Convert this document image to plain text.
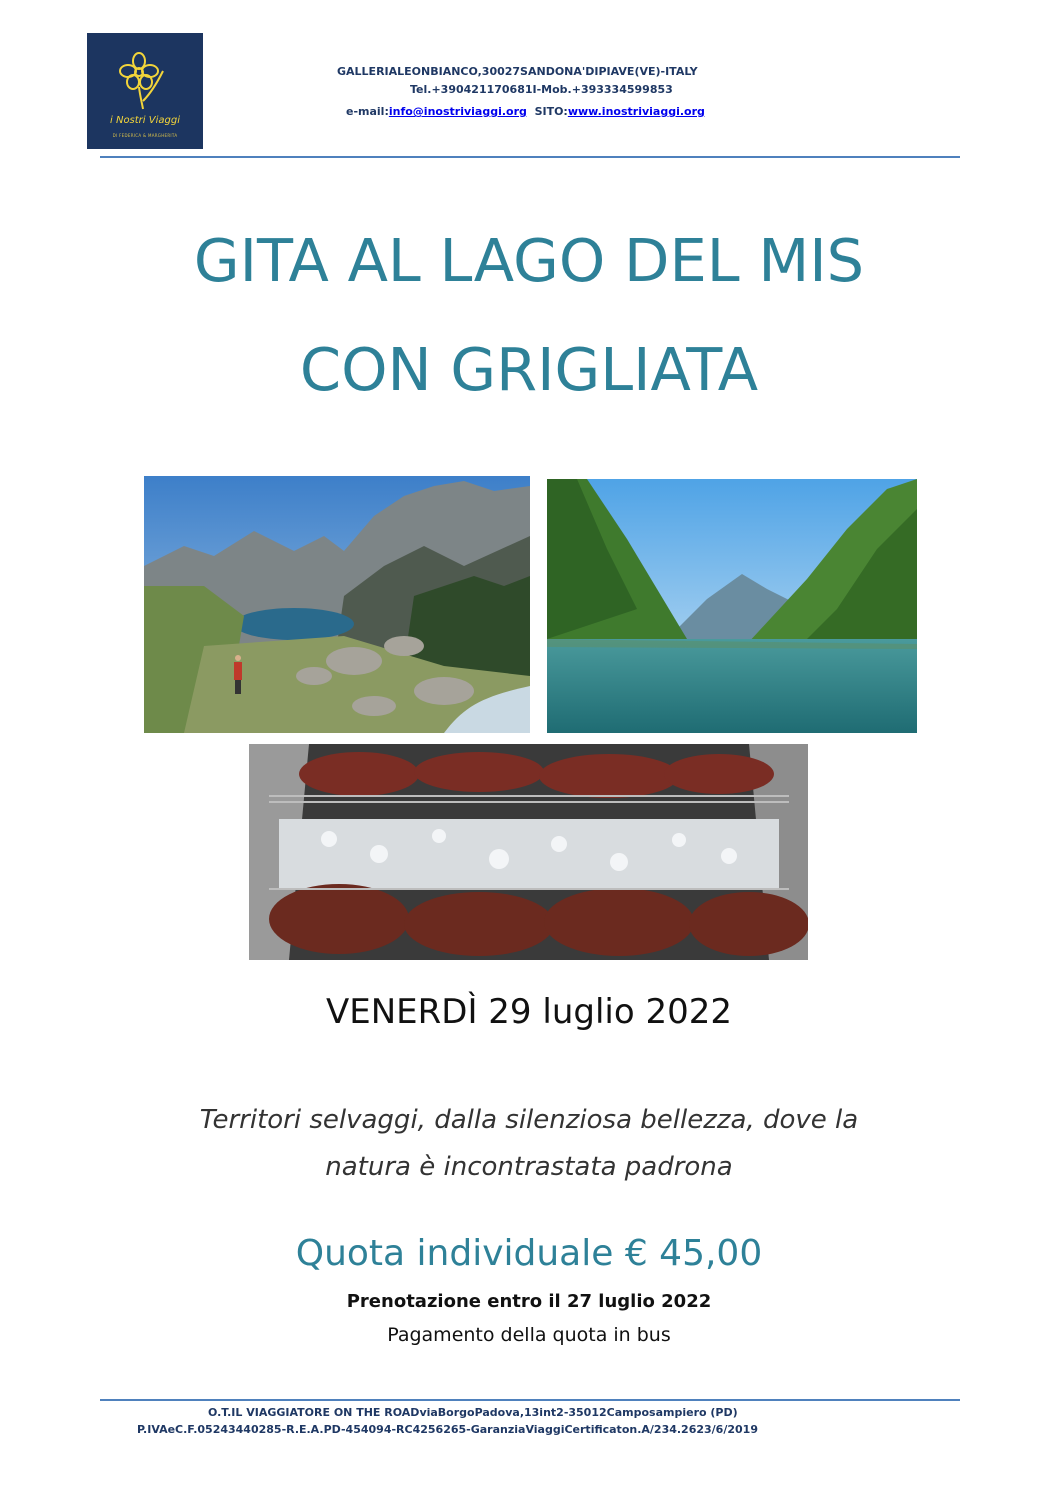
i Nostri Viaggi
DI FEDERICA & MARGHERITA
GALLERIALEONBIANCO,30027SANDONA'DIPIAVE(VE)-ITALY
Tel.+390421170681I-Mob.+393334599853
e-mail:info@inostriviaggi.org SITO:www.inostriviaggi.org
GITA AL LAGO DEL MIS
CON GRIGLIATA
VENERDÌ 29 luglio 2022
Territori selvaggi, dalla silenziosa bellezza, dove la
natura è incontrastata padrona
Quota individuale € 45,00
Prenotazione entro il 27 luglio 2022
Pagamento della quota in bus
O.T.IL VIAGGIATORE ON THE ROADviaBorgoPadova,13int2-35012Camposampiero (PD)
P.IVAeC.F.05243440285-R.E.A.PD-454094-RC4256265-GaranziaViaggiCertificaton.A/234.2623/6/2019
